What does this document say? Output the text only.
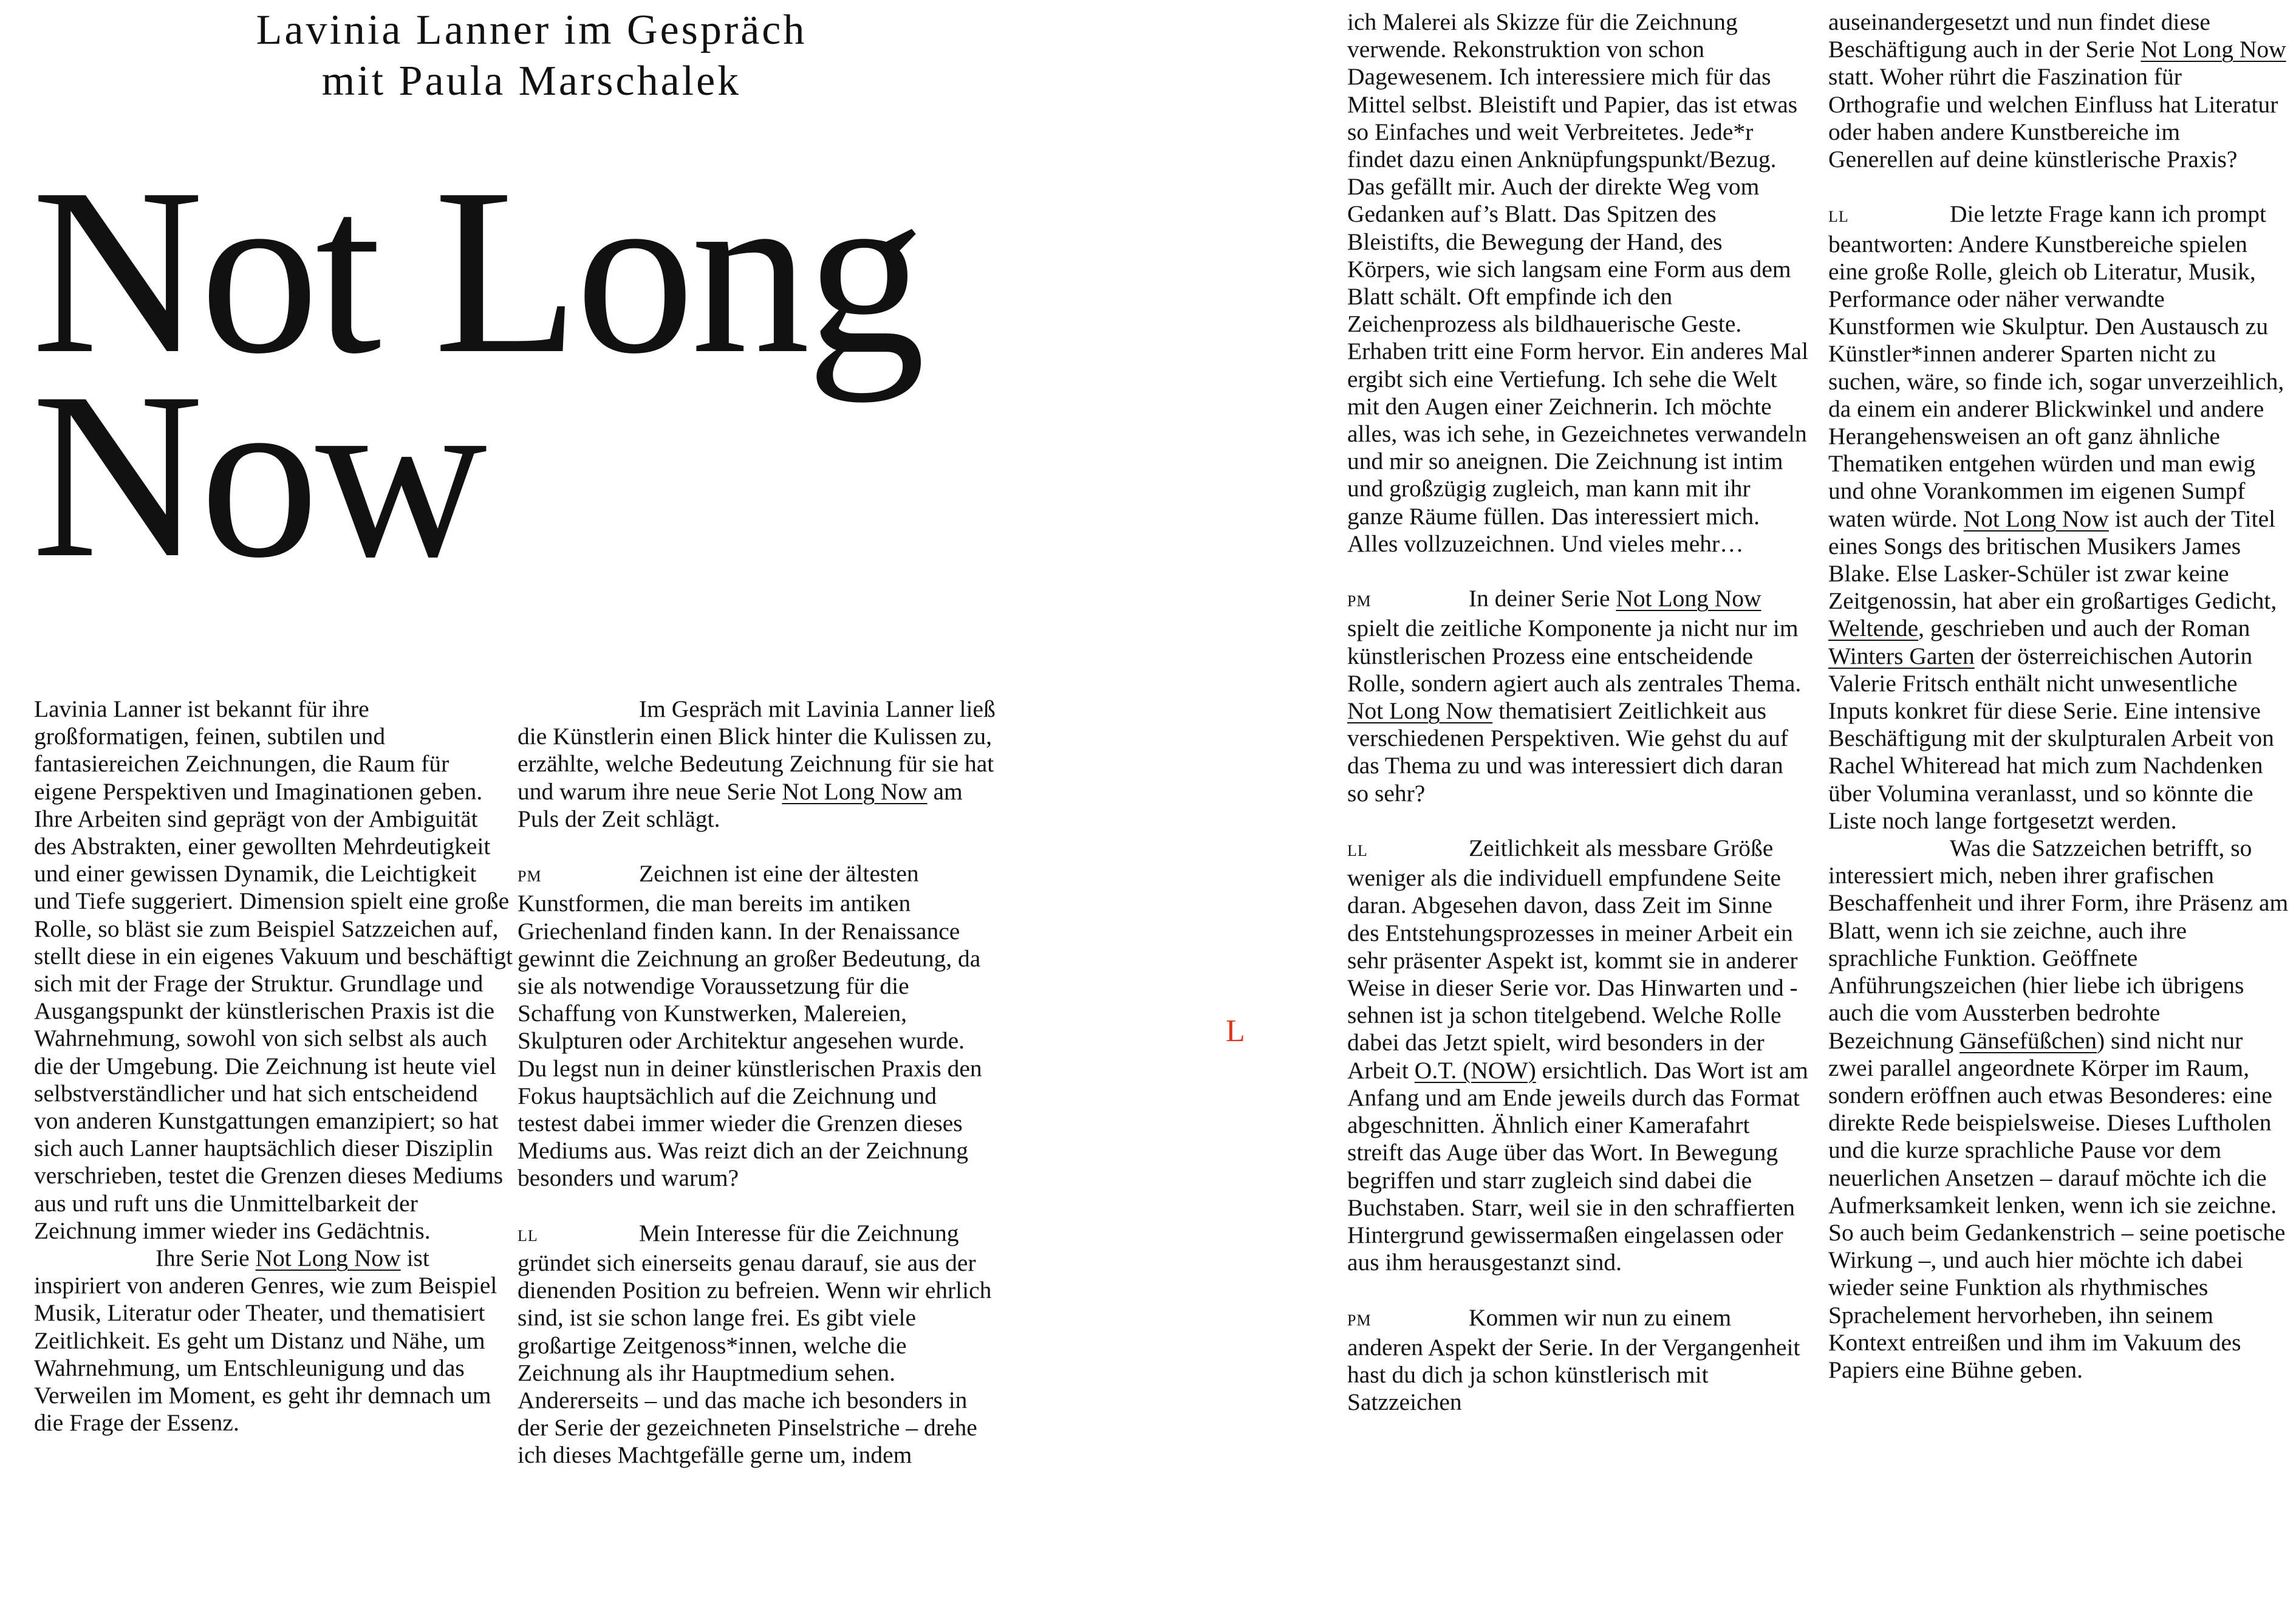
Lavinia Lanner im Gespräch
mit Paula Marschalek
Not Long
Now

Lavinia Lanner ist bekannt für ihre großformatigen, feinen, subtilen und fantasiereichen Zeichnungen, die Raum für eigene Perspektiven und Imaginationen geben. Ihre Arbeiten sind geprägt von der Ambiguität des Abstrakten, einer gewollten Mehrdeutigkeit und einer gewissen Dynamik, die Leichtigkeit und Tiefe suggeriert. Dimension spielt eine große Rolle, so bläst sie zum Beispiel Satzzeichen auf, stellt diese in ein eigenes Vakuum und beschäftigt sich mit der Frage der Struktur. Grundlage und Ausgangspunkt der künstlerischen Praxis ist die Wahrnehmung, sowohl von sich selbst als auch die der Umgebung. Die Zeichnung ist heute viel selbstverständlicher und hat sich entscheidend von anderen Kunstgattungen emanzipiert; so hat sich auch Lanner hauptsächlich dieser Disziplin verschrieben, testet die Grenzen dieses Mediums aus und ruft uns die Unmittelbarkeit der Zeichnung immer wieder ins Gedächtnis.

Ihre Serie Not Long Now ist inspiriert von anderen Genres, wie zum Beispiel Musik, Literatur oder Theater, und thematisiert Zeitlichkeit. Es geht um Distanz und Nähe, um Wahrnehmung, um Entschleunigung und das Verweilen im Moment, es geht ihr demnach um die Frage der Essenz.

Im Gespräch mit Lavinia Lanner ließ die Künstlerin einen Blick hinter die Kulissen zu, erzählte, welche Bedeutung Zeichnung für sie hat und warum ihre neue Serie Not Long Now am Puls der Zeit schlägt.

PM	Zeichnen ist eine der ältesten Kunstformen, die man bereits im antiken Griechenland finden kann. In der Renaissance gewinnt die Zeichnung an großer Bedeutung, da sie als notwendige Voraussetzung für die Schaffung von Kunstwerken, Malereien, Skulpturen oder Architektur angesehen wurde. Du legst nun in deiner künstlerischen Praxis den Fokus hauptsächlich auf die Zeichnung und testest dabei immer wieder die Grenzen dieses Mediums aus. Was reizt dich an der Zeichnung besonders und warum?

LL	Mein Interesse für die Zeichnung gründet sich einerseits genau darauf, sie aus der dienenden Position zu befreien. Wenn wir ehrlich sind, ist sie schon lange frei. Es gibt viele großartige Zeitgenoss*innen, welche die Zeichnung als ihr Hauptmedium sehen. Andererseits – und das mache ich besonders in der Serie der gezeichneten Pinselstriche – drehe ich dieses Machtgefälle gerne um, indem

L

ich Malerei als Skizze für die Zeichnung verwende. Rekonstruktion von schon Dagewesenem. Ich interessiere mich für das Mittel selbst. Bleistift und Papier, das ist etwas so Einfaches und weit Verbreitetes. Jede*r findet dazu einen Anknüpfungspunkt/Bezug. Das gefällt mir. Auch der direkte Weg vom Gedanken auf’s Blatt. Das Spitzen des Bleistifts, die Bewegung der Hand, des Körpers, wie sich langsam eine Form aus dem Blatt schält. Oft empfinde ich den Zeichenprozess als bildhauerische Geste. Erhaben tritt eine Form hervor. Ein anderes Mal ergibt sich eine Vertiefung. Ich sehe die Welt mit den Augen einer Zeichnerin. Ich möchte alles, was ich sehe, in Gezeichnetes verwandeln und mir so aneignen. Die Zeichnung ist intim und großzügig zugleich, man kann mit ihr ganze Räume füllen. Das interessiert mich. Alles vollzuzeichnen. Und vieles mehr…

PM	In deiner Serie Not Long Now spielt die zeitliche Komponente ja nicht nur im künstlerischen Prozess eine entscheidende Rolle, sondern agiert auch als zentrales Thema. Not Long Now thematisiert Zeitlichkeit aus verschiedenen Perspektiven. Wie gehst du auf das Thema zu und was interessiert dich daran so sehr?

LL	Zeitlichkeit als messbare Größe weniger als die individuell empfundene Seite daran. Abgesehen davon, dass Zeit im Sinne des Entstehungsprozesses in meiner Arbeit ein sehr präsenter Aspekt ist, kommt sie in anderer Weise in dieser Serie vor. Das Hinwarten und -sehnen ist ja schon titelgebend. Welche Rolle dabei das Jetzt spielt, wird besonders in der Arbeit O.T. (NOW) ersichtlich. Das Wort ist am Anfang und am Ende jeweils durch das Format abgeschnitten. Ähnlich einer Kamerafahrt streift das Auge über das Wort. In Bewegung begriffen und starr zugleich sind dabei die Buchstaben. Starr, weil sie in den schraffierten Hintergrund gewissermaßen eingelassen oder aus ihm herausgestanzt sind.

PM	Kommen wir nun zu einem anderen Aspekt der Serie. In der Vergangenheit hast du dich ja schon künstlerisch mit Satzzeichen

auseinandergesetzt und nun findet diese Beschäftigung auch in der Serie Not Long Now statt. Woher rührt die Faszination für Orthografie und welchen Einfluss hat Literatur oder haben andere Kunstbereiche im Generellen auf deine künstlerische Praxis?

LL	Die letzte Frage kann ich prompt beantworten: Andere Kunstbereiche spielen eine große Rolle, gleich ob Literatur, Musik, Performance oder näher verwandte Kunstformen wie Skulptur. Den Austausch zu Künstler*innen anderer Sparten nicht zu suchen, wäre, so finde ich, sogar unverzeihlich, da einem ein anderer Blickwinkel und andere Herangehensweisen an oft ganz ähnliche Thematiken entgehen würden und man ewig und ohne Vorankommen im eigenen Sumpf waten würde. Not Long Now ist auch der Titel eines Songs des britischen Musikers James Blake. Else Lasker-Schüler ist zwar keine Zeitgenossin, hat aber ein großartiges Gedicht, Weltende, geschrieben und auch der Roman Winters Garten der österreichischen Autorin Valerie Fritsch enthält nicht unwesentliche Inputs konkret für diese Serie. Eine intensive Beschäftigung mit der skulpturalen Arbeit von Rachel Whiteread hat mich zum Nachdenken über Volumina veranlasst, und so könnte die Liste noch lange fortgesetzt werden.

Was die Satzzeichen betrifft, so interessiert mich, neben ihrer grafischen Beschaffenheit und ihrer Form, ihre Präsenz am Blatt, wenn ich sie zeichne, auch ihre sprachliche Funktion. Geöffnete Anführungszeichen (hier liebe ich übrigens auch die vom Aussterben bedrohte Bezeichnung Gänsefüßchen) sind nicht nur zwei parallel angeordnete Körper im Raum, sondern eröffnen auch etwas Besonderes: eine direkte Rede beispielsweise. Dieses Luftholen und die kurze sprachliche Pause vor dem neuerlichen Ansetzen – darauf möchte ich die Aufmerksamkeit lenken, wenn ich sie zeichne. So auch beim Gedankenstrich – seine poetische Wirkung –, und auch hier möchte ich dabei wieder seine Funktion als rhythmisches Sprachelement hervorheben, ihn seinem Kontext entreißen und ihm im Vakuum des Papiers eine Bühne geben.
